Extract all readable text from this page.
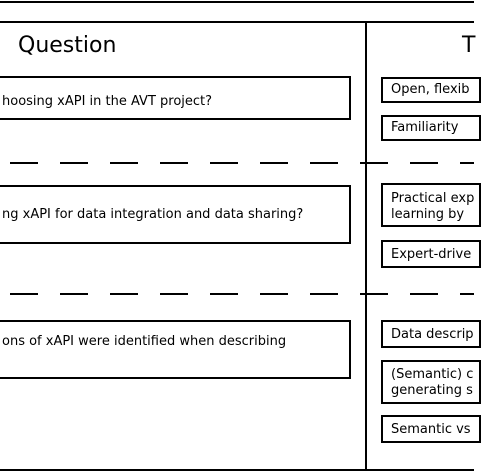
Question	T
hoosing xAPI in the AVT project?
ng xAPI for data integration and data sharing?
ons of xAPI were identified when describing
Open, flexib
Familiarity
Practical exp
learning by
Expert-drive
Data descrip
(Semantic) c
generating s
Semantic vs
